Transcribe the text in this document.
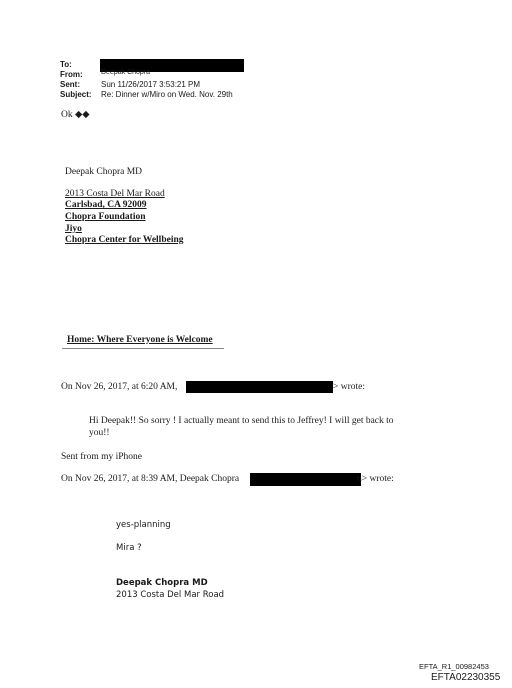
To:
From:	Deepak Chopra
Sent:	Sun 11/26/2017 3:53:21 PM
Subject: Re: Dinner w/Miro on Wed. Nov. 29th
Ok ◆◆
Deepak Chopra MD
2013 Costa Del Mar Road
Carlsbad, CA 92009
Chopra Foundation
Jiyo
Chopra Center for Wellbeing
Home: Where Everyone is Welcome
On Nov 26, 2017, at 6:20 AM,	> wrote:
Hi Deepak!! So sorry ! I actually meant to send this to Jeffrey! I will get back to
you!!
Sent from my iPhone
On Nov 26, 2017, at 8:39 AM, Deepak Chopra	n> wrote:
yes-planning
Mira ?
Deepak Chopra MD
2013 Costa Del Mar Road
EFTA_R1_00982453
EFTA02230355
